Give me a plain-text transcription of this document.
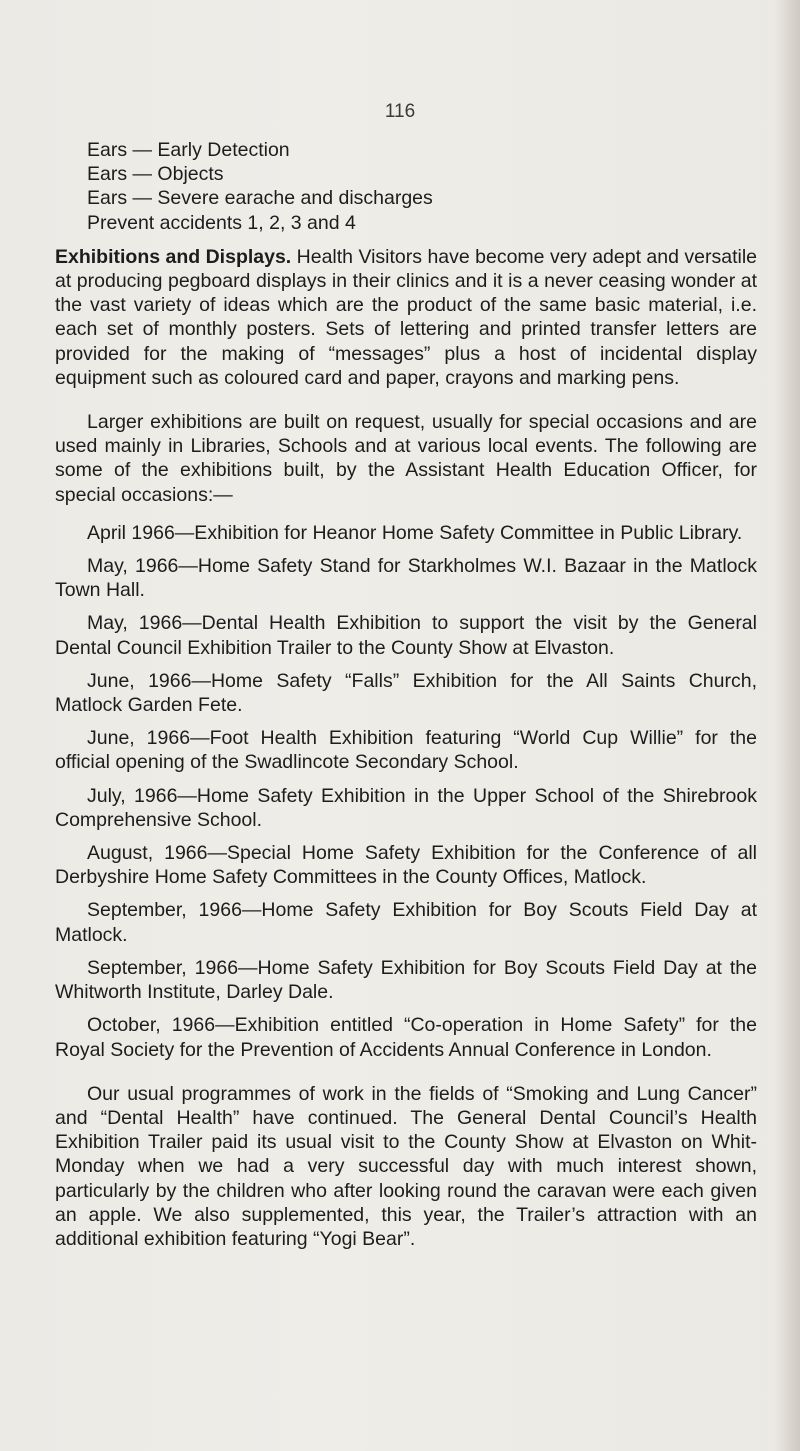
116
Ears — Early Detection
Ears — Objects
Ears — Severe earache and discharges
Prevent accidents 1, 2, 3 and 4

Exhibitions and Displays. Health Visitors have become very adept and versatile at producing pegboard displays in their clinics and it is a never ceasing wonder at the vast variety of ideas which are the product of the same basic material, i.e. each set of monthly posters. Sets of lettering and printed transfer letters are provided for the making of “messages” plus a host of incidental display equipment such as coloured card and paper, crayons and marking pens.

Larger exhibitions are built on request, usually for special occasions and are used mainly in Libraries, Schools and at various local events. The following are some of the exhibitions built, by the Assistant Health Education Officer, for special occasions:—

April 1966—Exhibition for Heanor Home Safety Committee in Public Library.

May, 1966—Home Safety Stand for Starkholmes W.I. Bazaar in the Matlock Town Hall.

May, 1966—Dental Health Exhibition to support the visit by the General Dental Council Exhibition Trailer to the County Show at Elvaston.

June, 1966—Home Safety “Falls” Exhibition for the All Saints Church, Matlock Garden Fete.

June, 1966—Foot Health Exhibition featuring “World Cup Willie” for the official opening of the Swadlincote Secondary School.

July, 1966—Home Safety Exhibition in the Upper School of the Shirebrook Comprehensive School.

August, 1966—Special Home Safety Exhibition for the Conference of all Derbyshire Home Safety Committees in the County Offices, Matlock.

September, 1966—Home Safety Exhibition for Boy Scouts Field Day at Matlock.

September, 1966—Home Safety Exhibition for Boy Scouts Field Day at the Whitworth Institute, Darley Dale.

October, 1966—Exhibition entitled “Co-operation in Home Safety” for the Royal Society for the Prevention of Accidents Annual Conference in London.

Our usual programmes of work in the fields of “Smoking and Lung Cancer” and “Dental Health” have continued. The General Dental Council’s Health Exhibition Trailer paid its usual visit to the County Show at Elvaston on Whit-Monday when we had a very successful day with much interest shown, particularly by the children who after looking round the caravan were each given an apple. We also supplemented, this year, the Trailer’s attraction with an additional exhibition featuring “Yogi Bear”.
